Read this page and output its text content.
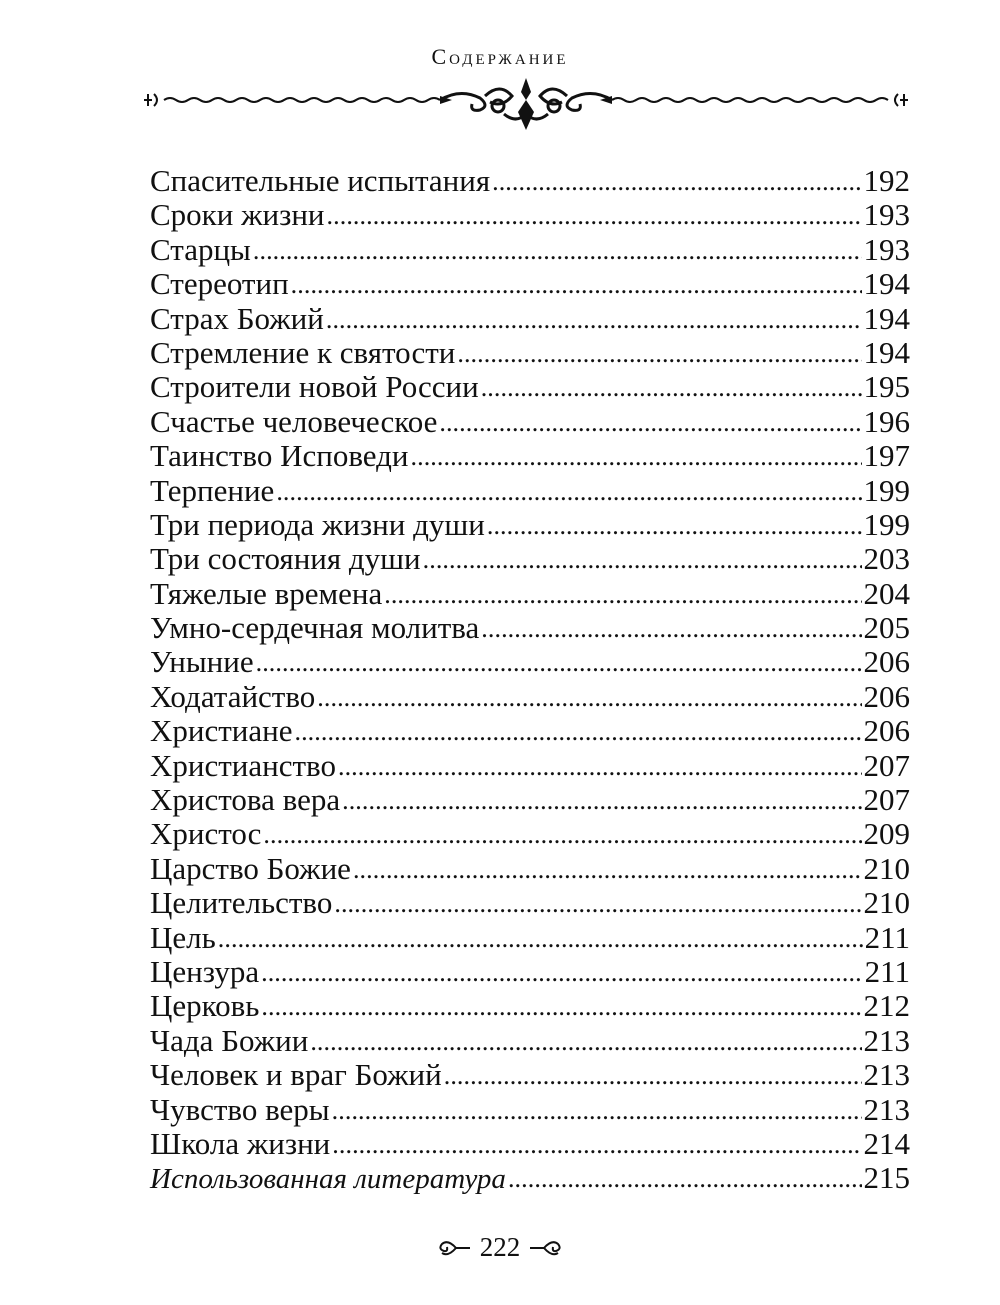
Содержание
Спасительные испытания . . .	192
Сроки жизни . . .	193
Старцы . . .	193
Стереотип . . .	194
Страх Божий . . .	194
Стремление к святости . . .	194
Строители новой России . . .	195
Счастье человеческое . . .	196
Таинство Исповеди . . .	197
Терпение . . .	199
Три периода жизни души . . .	199
Три состояния души . . .	203
Тяжелые времена . . .	204
Умно-сердечная молитва . . .	205
Уныние . . .	206
Ходатайство . . .	206
Христиане . . .	206
Христианство . . .	207
Христова вера . . .	207
Христос . . .	209
Царство Божие . . .	210
Целительство . . .	210
Цель . . .	211
Цензура . . .	211
Церковь . . .	212
Чада Божии . . .	213
Человек и враг Божий . . .	213
Чувство веры . . .	213
Школа жизни . . .	214
Использованная литература . . .	215
222
